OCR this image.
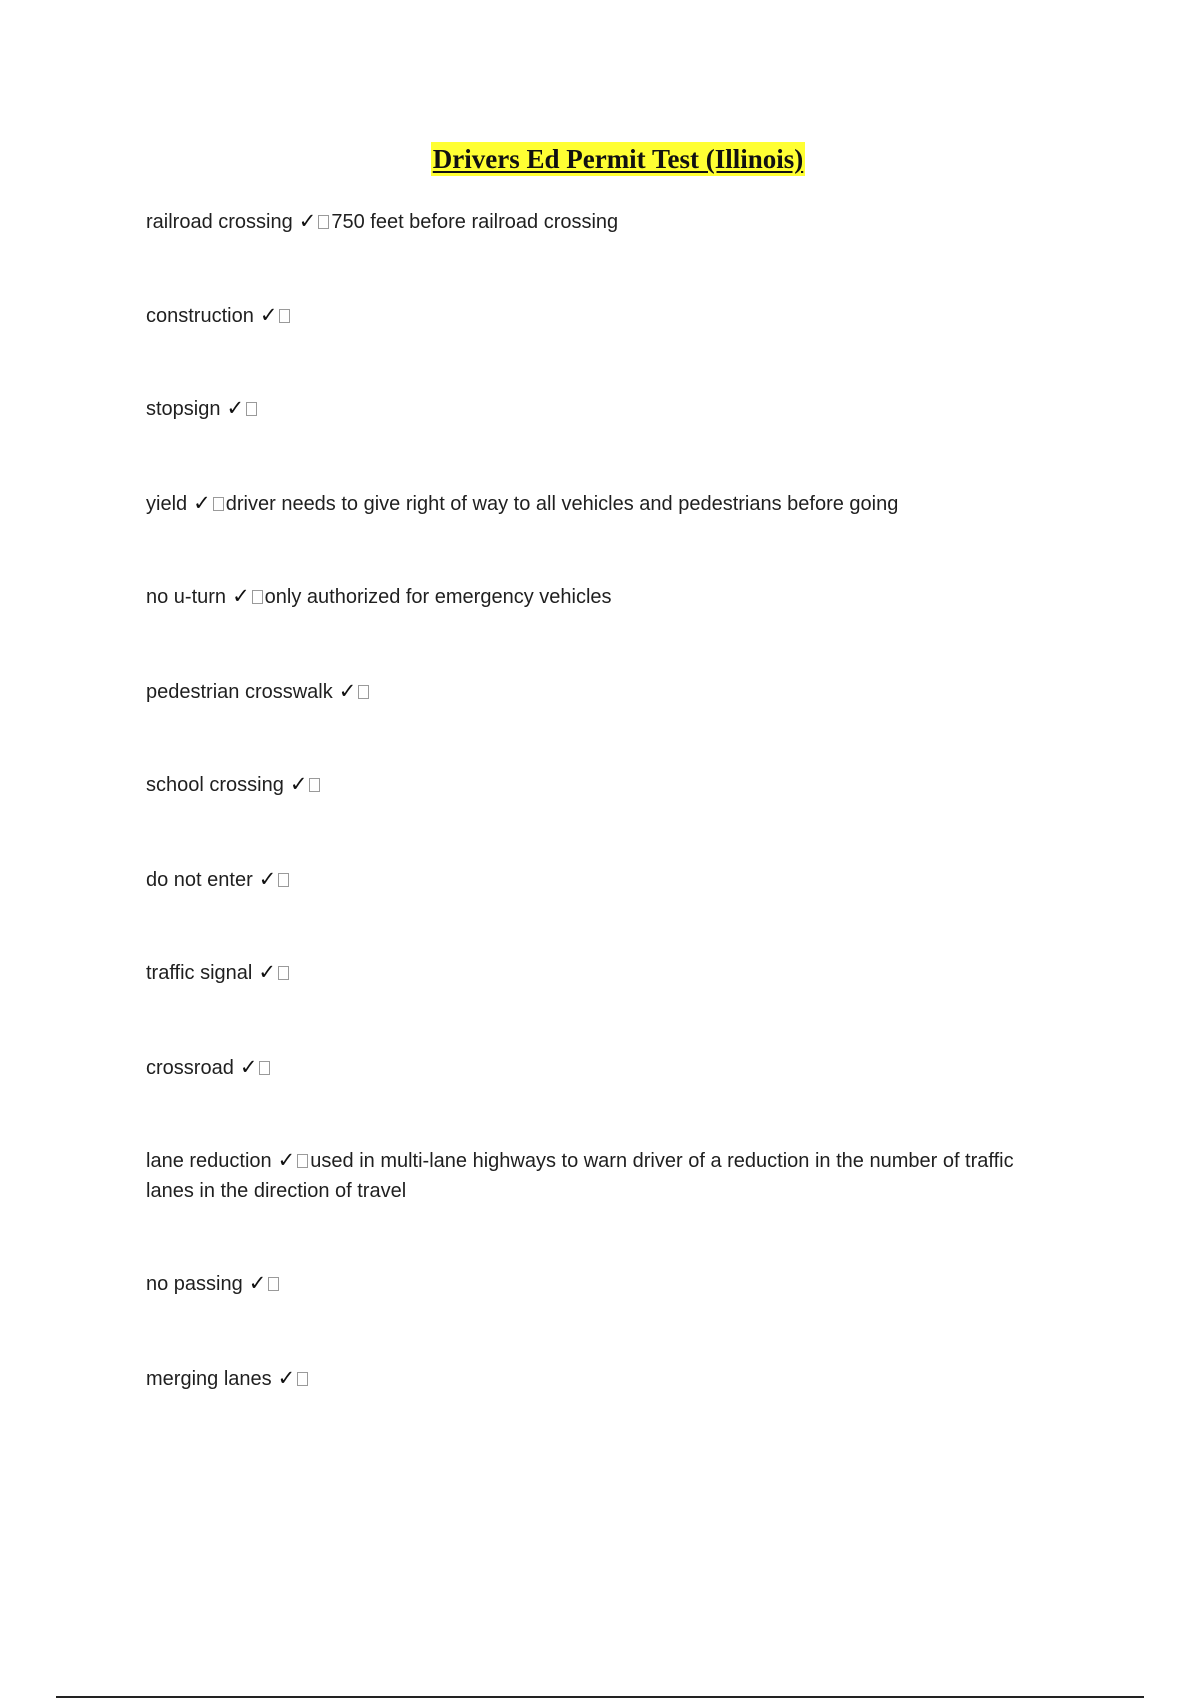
Drivers Ed Permit Test (Illinois)
railroad crossing ✓ 750 feet before railroad crossing
construction ✓
stopsign ✓
yield ✓ driver needs to give right of way to all vehicles and pedestrians before going
no u-turn ✓ only authorized for emergency vehicles
pedestrian crosswalk ✓
school crossing ✓
do not enter ✓
traffic signal ✓
crossroad ✓
lane reduction ✓ used in multi-lane highways to warn driver of a reduction in the number of traffic lanes in the direction of travel
no passing ✓
merging lanes ✓
